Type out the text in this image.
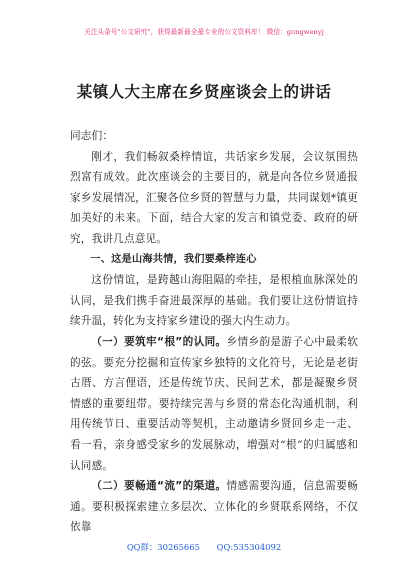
关注头条号"公文研究"，获得最新最全最专业的公文资料库！ 微信：gongwenyj
某镇人大主席在乡贤座谈会上的讲话

同志们：

刚才，我们畅叙桑梓情谊，共话家乡发展，会议氛围热烈富有成效。此次座谈会的主要目的，就是向各位乡贤通报家乡发展情况，汇聚各位乡贤的智慧与力量，共同谋划*镇更加美好的未来。下面，结合大家的发言和镇党委、政府的研究，我讲几点意见。

一、这是山海共情，我们要桑梓连心

这份情谊，是跨越山海阻隔的牵挂，是根植血脉深处的认同，是我们携手奋进最深厚的基础。我们要让这份情谊持续升温，转化为支持家乡建设的强大内生动力。

（一）要筑牢“根”的认同。乡情乡韵是游子心中最柔软的弦。要充分挖掘和宣传家乡独特的文化符号，无论是老街古厝、方言俚语，还是传统节庆、民间艺术，都是凝聚乡贤情感的重要纽带。要持续完善与乡贤的常态化沟通机制，利用传统节日、重要活动等契机，主动邀请乡贤回乡走一走、看一看，亲身感受家乡的发展脉动，增强对“根”的归属感和认同感。

（二）要畅通“流”的渠道。情感需要沟通，信息需要畅通。要积极探索建立多层次、立体化的乡贤联系网络，不仅依靠

QQ群：30265665　　QQ:535304092
